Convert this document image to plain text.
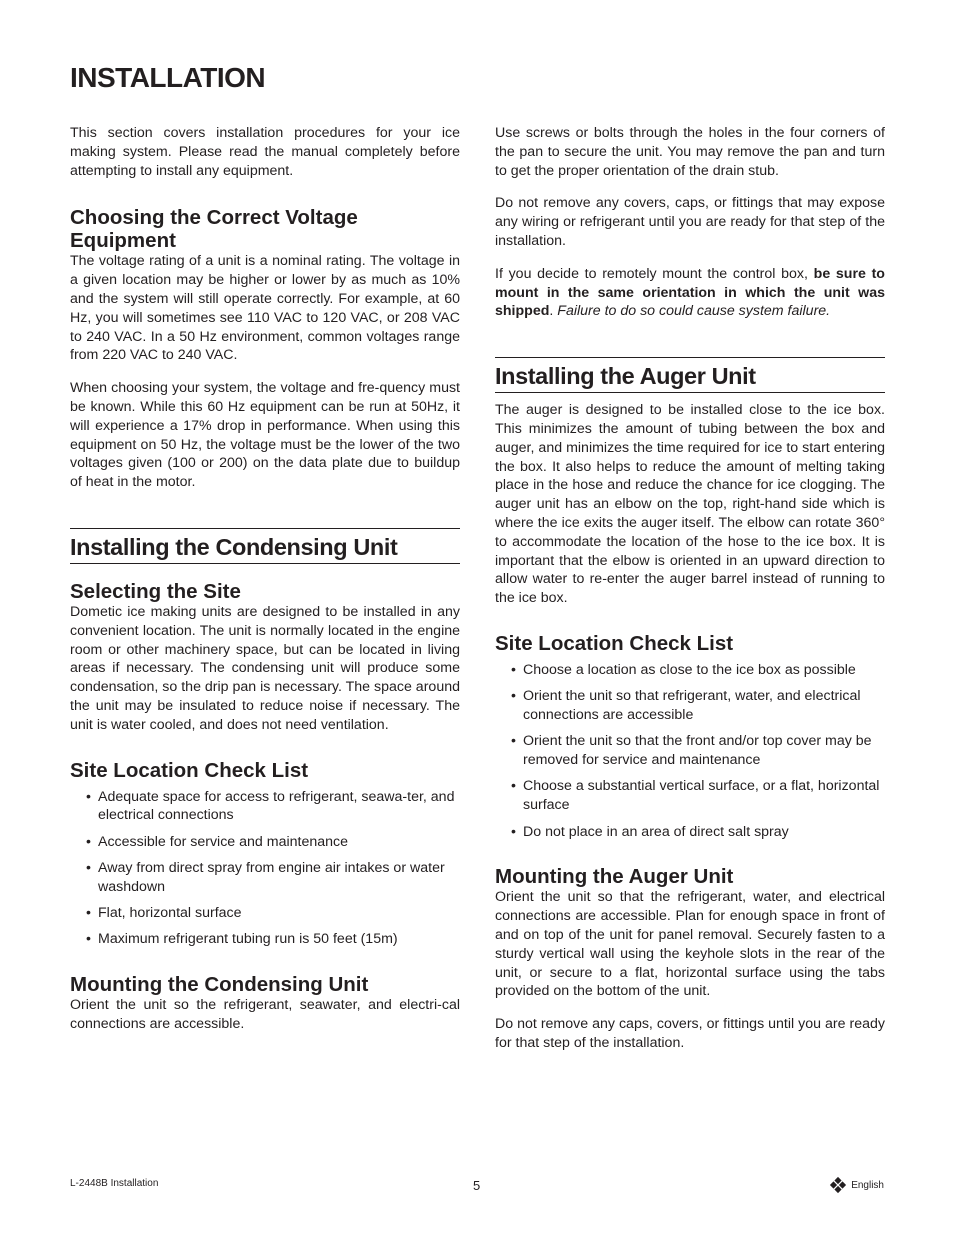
INSTALLATION

This section covers installation procedures for your ice making system. Please read the manual completely before attempting to install any equipment.

Choosing the Correct Voltage Equipment

The voltage rating of a unit is a nominal rating. The voltage in a given location may be higher or lower by as much as 10% and the system will still operate correctly. For example, at 60 Hz, you will sometimes see 110 VAC to 120 VAC, or 208 VAC to 240 VAC. In a 50 Hz environment, common voltages range from 220 VAC to 240 VAC.

When choosing your system, the voltage and fre-quency must be known. While this 60 Hz equipment can be run at 50Hz, it will experience a 17% drop in performance. When using this equipment on 50 Hz, the voltage must be the lower of the two voltages given (100 or 200) on the data plate due to buildup of heat in the motor.

Installing the Condensing Unit
Selecting the Site

Dometic ice making units are designed to be installed in any convenient location. The unit is normally located in the engine room or other machinery space, but can be located in living areas if necessary. The condensing unit will produce some condensation, so the drip pan is necessary. The space around the unit may be insulated to reduce noise if necessary. The unit is water cooled, and does not need ventilation.

Site Location Check List
• Adequate space for access to refrigerant, seawa-ter, and electrical connections
• Accessible for service and maintenance
• Away from direct spray from engine air intakes or water washdown
• Flat, horizontal surface
• Maximum refrigerant tubing run is 50 feet (15m)
Mounting the Condensing Unit

Orient the unit so the refrigerant, seawater, and electri-cal connections are accessible.

Use screws or bolts through the holes in the four corners of the pan to secure the unit. You may remove the pan and turn to get the proper orientation of the drain stub.

Do not remove any covers, caps, or fittings that may expose any wiring or refrigerant until you are ready for that step of the installation.

If you decide to remotely mount the control box, be sure to mount in the same orientation in which the unit was shipped. Failure to do so could cause system failure.

Installing the Auger Unit

The auger is designed to be installed close to the ice box. This minimizes the amount of tubing between the box and auger, and minimizes the time required for ice to start entering the box. It also helps to reduce the amount of melting taking place in the hose and reduce the chance for ice clogging. The auger unit has an elbow on the top, right-hand side which is where the ice exits the auger itself. The elbow can rotate 360° to accommodate the location of the hose to the ice box. It is important that the elbow is oriented in an upward direction to allow water to re-enter the auger barrel instead of running to the ice box.

Site Location Check List
• Choose a location as close to the ice box as possible
• Orient the unit so that refrigerant, water, and electrical connections are accessible
• Orient the unit so that the front and/or top cover may be removed for service and maintenance
• Choose a substantial vertical surface, or a flat, horizontal surface
• Do not place in an area of direct salt spray
Mounting the Auger Unit

Orient the unit so that the refrigerant, water, and electrical connections are accessible. Plan for enough space in front of and on top of the unit for panel removal. Securely fasten to a sturdy vertical wall using the keyhole slots in the rear of the unit, or secure to a flat, horizontal surface using the tabs provided on the bottom of the unit.

Do not remove any caps, covers, or fittings until you are ready for that step of the installation.

L-2448B Installation	5	English
